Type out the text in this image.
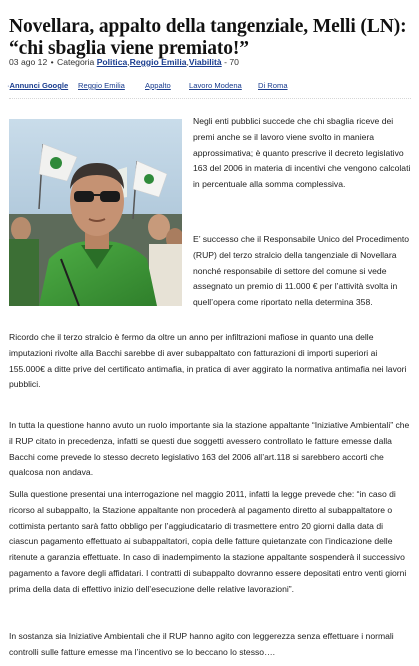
Novellara, appalto della tangenziale, Melli (LN): “chi sbaglia viene premiato!”
03 ago 12 • Categoria Politica,Reggio Emilia,Viabilità - 70
·Annunci Google Reggio Emilia	Appalto Lavoro Modena Di Roma

Negli enti pubblici succede che chi sbaglia riceve dei premi anche se il lavoro viene svolto in maniera approssimativa; è quanto prescrive il decreto legislativo 163 del 2006 in materia di incentivi che vengono calcolati in percentuale alla somma complessiva.

E’ successo che il Responsabile Unico del Procedimento (RUP) del terzo stralcio della tangenziale di Novellara nonché responsabile di settore del comune si vede assegnato un premio di 11.000 € per l’attività svolta in quell’opera come riportato nella determina 358.

Ricordo che il terzo stralcio è fermo da oltre un anno per infiltrazioni mafiose in quanto una delle imputazioni rivolte alla Bacchi sarebbe di aver subappaltato con fatturazioni di importi superiori ai 155.000€ a ditte prive del certificato antimafia, in pratica di aver aggirato la normativa antimafia nei lavori pubblici.

In tutta la questione hanno avuto un ruolo importante sia la stazione appaltante “Iniziative Ambientali” che il RUP citato in precedenza, infatti se questi due soggetti avessero controllato le fatture emesse dalla Bacchi come prevede lo stesso decreto legislativo 163 del 2006 all’art.118 si sarebbero accorti che qualcosa non andava.

Sulla questione presentai una interrogazione nel maggio 2011, infatti la legge prevede che: “in caso di ricorso al subappalto, la Stazione appaltante non procederà al pagamento diretto al subappaltatore o cottimista pertanto sarà fatto obbligo per l’aggiudicatario di trasmettere entro 20 giorni dalla data di ciascun pagamento effettuato ai subappaltatori, copia delle fatture quietanzate con l’indicazione delle ritenute a garanzia effettuate. In caso di inadempimento la stazione appaltante sospenderà il successivo pagamento a favore degli affidatari. I contratti di subappalto dovranno essere depositati entro venti giorni prima della data di effettivo inizio dell’esecuzione delle relative lavorazioni”.

In sostanza sia Iniziative Ambientali che il RUP hanno agito con leggerezza senza effettuare i normali controlli sulle fatture emesse ma l’incentivo se lo beccano lo stesso….
